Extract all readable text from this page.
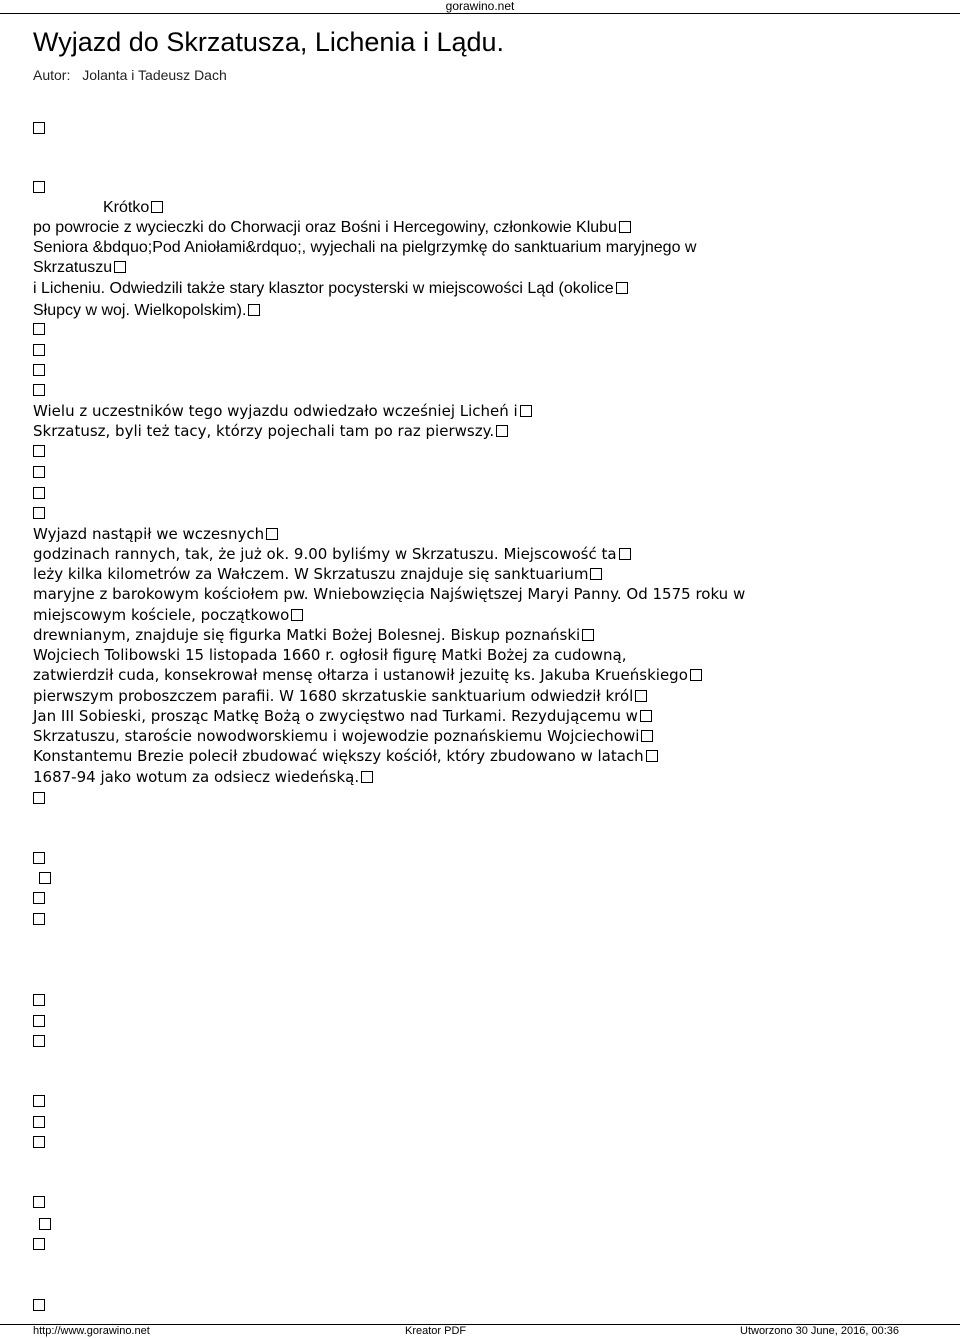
gorawino.net
Wyjazd do Skrzatusza, Lichenia i Lądu.
Autor: Jolanta i Tadeusz Dach
Krótko
po powrocie z wycieczki do Chorwacji oraz Bośni i Hercegowiny, członkowie Klubu
Seniora &bdquo;Pod Aniołami&rdquo;, wyjechali na pielgrzymkę do sanktuarium maryjnego w
Skrzatuszu
i Licheniu. Odwiedzili także stary klasztor pocysterski w miejscowości Ląd (okolice
Słupcy w woj. Wielkopolskim).
Wielu z uczestników tego wyjazdu odwiedzało wcześniej Licheń i
Skrzatusz, byli też tacy, którzy pojechali tam po raz pierwszy.
Wyjazd nastąpił we wczesnych
godzinach rannych, tak, że już ok. 9.00 byliśmy w Skrzatuszu. Miejscowość ta
leży kilka kilometrów za Wałczem. W Skrzatuszu znajduje się sanktuarium
maryjne z barokowym kościołem pw. Wniebowzięcia Najświętszej Maryi Panny. Od 1575 roku w
miejscowym kościele, początkowo
drewnianym, znajduje się figurka Matki Bożej Bolesnej. Biskup poznański
Wojciech Tolibowski 15 listopada 1660 r. ogłosił figurę Matki Bożej za cudowną,
zatwierdził cuda, konsekrował mensę ołtarza i ustanowił jezuitę ks. Jakuba Krueńskiego
pierwszym proboszczem parafii. W 1680 skrzatuskie sanktuarium odwiedził król
Jan III Sobieski, prosząc Matkę Bożą o zwycięstwo nad Turkami. Rezydującemu w
Skrzatuszu, staroście nowodworskiemu i wojewodzie poznańskiemu Wojciechowi
Konstantemu Brezie polecił zbudować większy kościół, który zbudowano w latach
1687-94 jako wotum za odsiecz wiedeńską.
http://www.gorawino.net	Kreator PDF	Utworzono 30 June, 2016, 00:36
